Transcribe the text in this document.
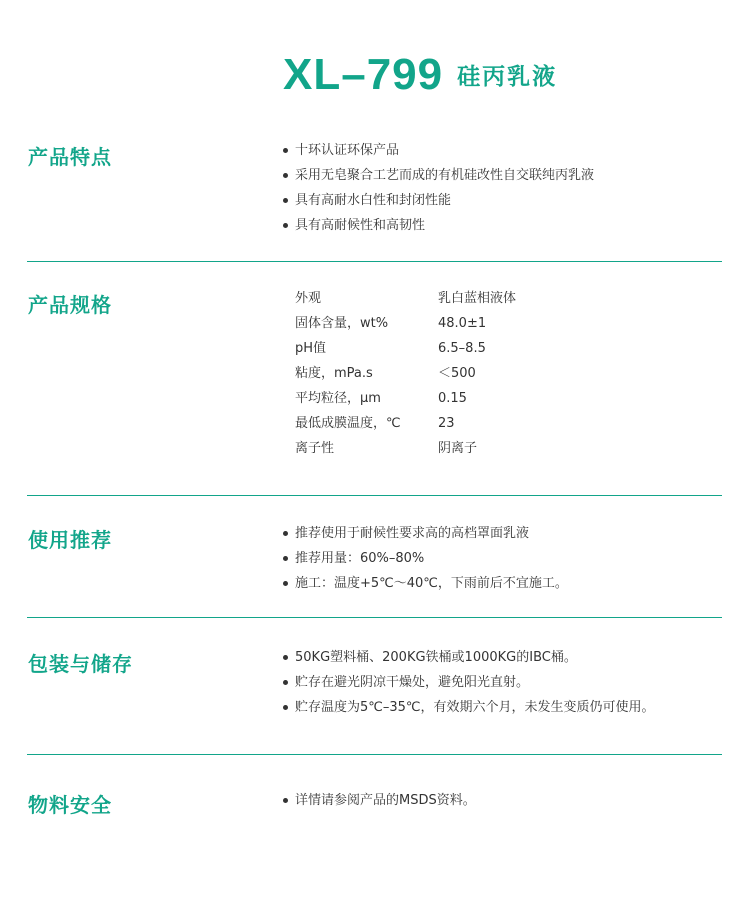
XL–799 硅丙乳液
产品特点	十环认证环保产品
采用无皂聚合工艺而成的有机硅改性自交联纯丙乳液
具有高耐水白性和封闭性能
具有高耐候性和高韧性
产品规格	外观	乳白蓝相液体
固体含量，wt%	48.0±1
pH值	6.5–8.5
粘度，mPa.s	＜500
平均粒径，μm	0.15
最低成膜温度，℃	23
离子性	阴离子
使用推荐	推荐使用于耐候性要求高的高档罩面乳液
推荐用量：60%–80%
施工：温度+5℃～40℃，下雨前后不宜施工。
包装与储存	50KG塑料桶、200KG铁桶或1000KG的IBC桶。
贮存在避光阴凉干燥处，避免阳光直射。
贮存温度为5℃–35℃，有效期六个月，未发生变质仍可使用。
物料安全	详情请参阅产品的MSDS资料。
